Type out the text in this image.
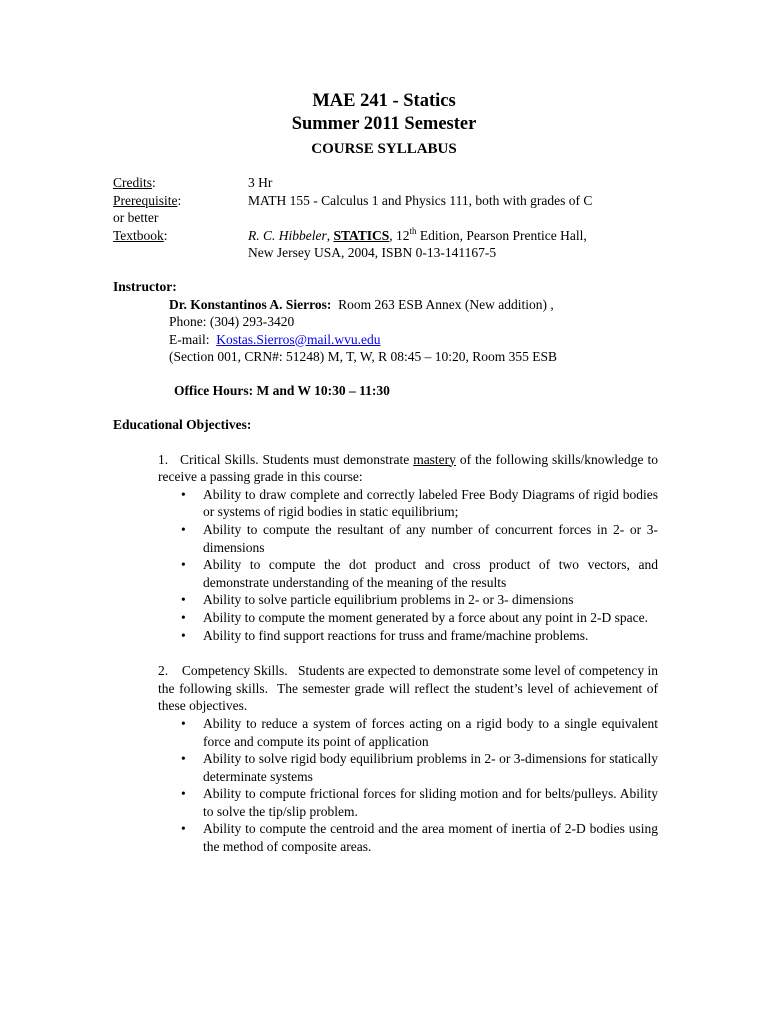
MAE 241 - Statics
Summer 2011 Semester
COURSE SYLLABUS
Credits:	3 Hr
Prerequisite:	MATH 155 - Calculus 1 and Physics 111, both with grades of C
or better
Textbook:	R. C. Hibbeler, STATICS, 12th Edition, Pearson Prentice Hall,
New Jersey USA, 2004, ISBN 0-13-141167-5
Instructor:
Dr. Konstantinos A. Sierros:  Room 263 ESB Annex (New addition) ,
Phone: (304) 293-3420
E-mail:  Kostas.Sierros@mail.wvu.edu
(Section 001, CRN#: 51248) M, T, W, R 08:45 – 10:20, Room 355 ESB
Office Hours: M and W 10:30 – 11:30
Educational Objectives:
1. Critical Skills. Students must demonstrate mastery of the following skills/knowledge to receive a passing grade in this course:
• Ability to draw complete and correctly labeled Free Body Diagrams of rigid bodies or systems of rigid bodies in static equilibrium;
• Ability to compute the resultant of any number of concurrent forces in 2- or 3- dimensions
• Ability to compute the dot product and cross product of two vectors, and demonstrate understanding of the meaning of the results
• Ability to solve particle equilibrium problems in 2- or 3- dimensions
• Ability to compute the moment generated by a force about any point in 2-D space.
• Ability to find support reactions for truss and frame/machine problems.
2.    Competency Skills.   Students are expected to demonstrate some level of competency in the following skills.  The semester grade will reflect the student’s level of achievement of these objectives.
• Ability to reduce a system of forces acting on a rigid body to a single equivalent force and compute its point of application
• Ability to solve rigid body equilibrium problems in 2- or 3-dimensions for statically determinate systems
• Ability to compute frictional forces for sliding motion and for belts/pulleys. Ability to solve the tip/slip problem.
• Ability to compute the centroid and the area moment of inertia of 2-D bodies using the method of composite areas.
